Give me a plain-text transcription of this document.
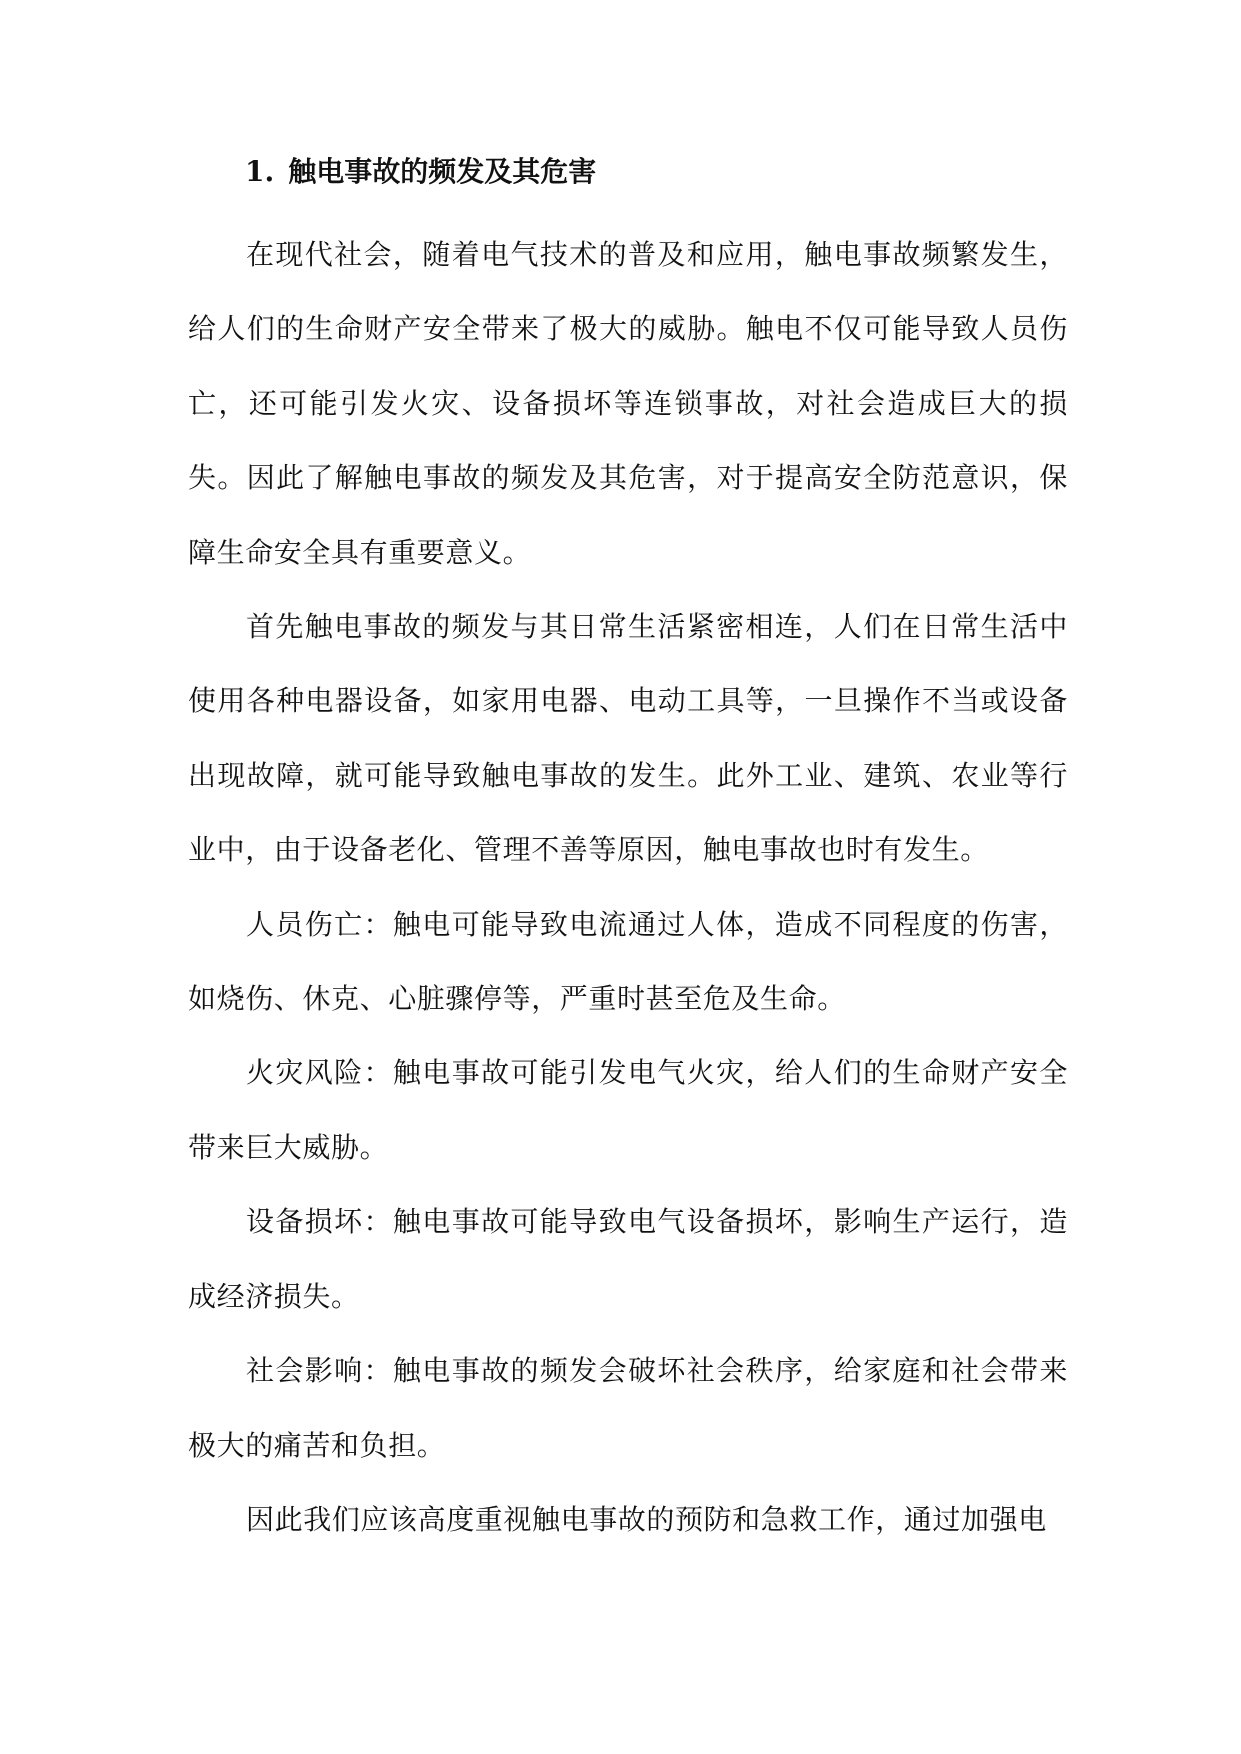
1. 触电事故的频发及其危害

在现代社会，随着电气技术的普及和应用，触电事故频繁发生，给人们的生命财产安全带来了极大的威胁。触电不仅可能导致人员伤亡，还可能引发火灾、设备损坏等连锁事故，对社会造成巨大的损失。因此了解触电事故的频发及其危害，对于提高安全防范意识，保障生命安全具有重要意义。

首先触电事故的频发与其日常生活紧密相连，人们在日常生活中使用各种电器设备，如家用电器、电动工具等，一旦操作不当或设备出现故障，就可能导致触电事故的发生。此外工业、建筑、农业等行业中，由于设备老化、管理不善等原因，触电事故也时有发生。

人员伤亡：触电可能导致电流通过人体，造成不同程度的伤害，如烧伤、休克、心脏骤停等，严重时甚至危及生命。

火灾风险：触电事故可能引发电气火灾，给人们的生命财产安全带来巨大威胁。

设备损坏：触电事故可能导致电气设备损坏，影响生产运行，造成经济损失。

社会影响：触电事故的频发会破坏社会秩序，给家庭和社会带来极大的痛苦和负担。

因此我们应该高度重视触电事故的预防和急救工作，通过加强电
